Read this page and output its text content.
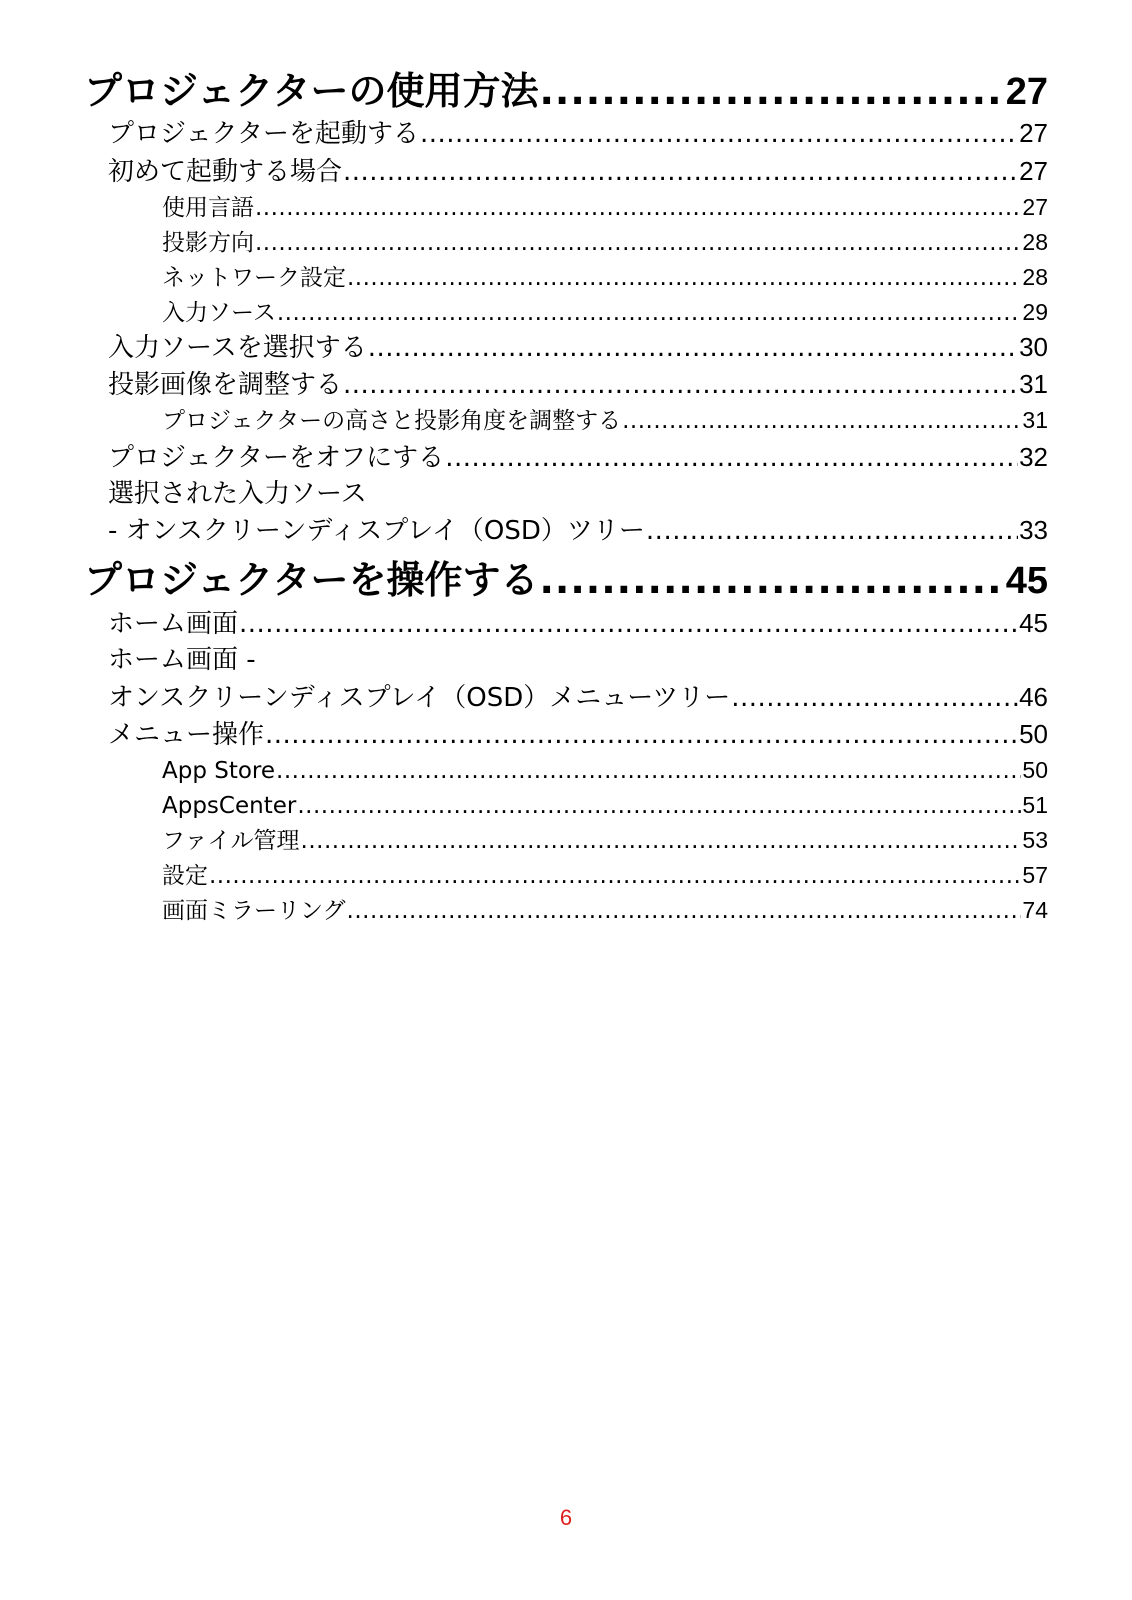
プロジェクターの使用方法 .....	27
プロジェクターを起動する .....	27
初めて起動する場合 .....	27
使用言語 .....	27
投影方向 .....	28
ネットワーク設定 .....	28
入力ソース .....	29
入力ソースを選択する .....	30
投影画像を調整する .....	31
プロジェクターの高さと投影角度を調整する .....	31
プロジェクターをオフにする .....	32
選択された入力ソース
- オンスクリーンディスプレイ（OSD）ツリー .....	33
プロジェクターを操作する .....	45
ホーム画面 .....	45
ホーム画面 -
オンスクリーンディスプレイ（OSD）メニューツリー .....	46
メニュー操作 .....	50
App Store .....	50
AppsCenter .....	51
ファイル管理 .....	53
設定 .....	57
画面ミラーリング .....	74
6
